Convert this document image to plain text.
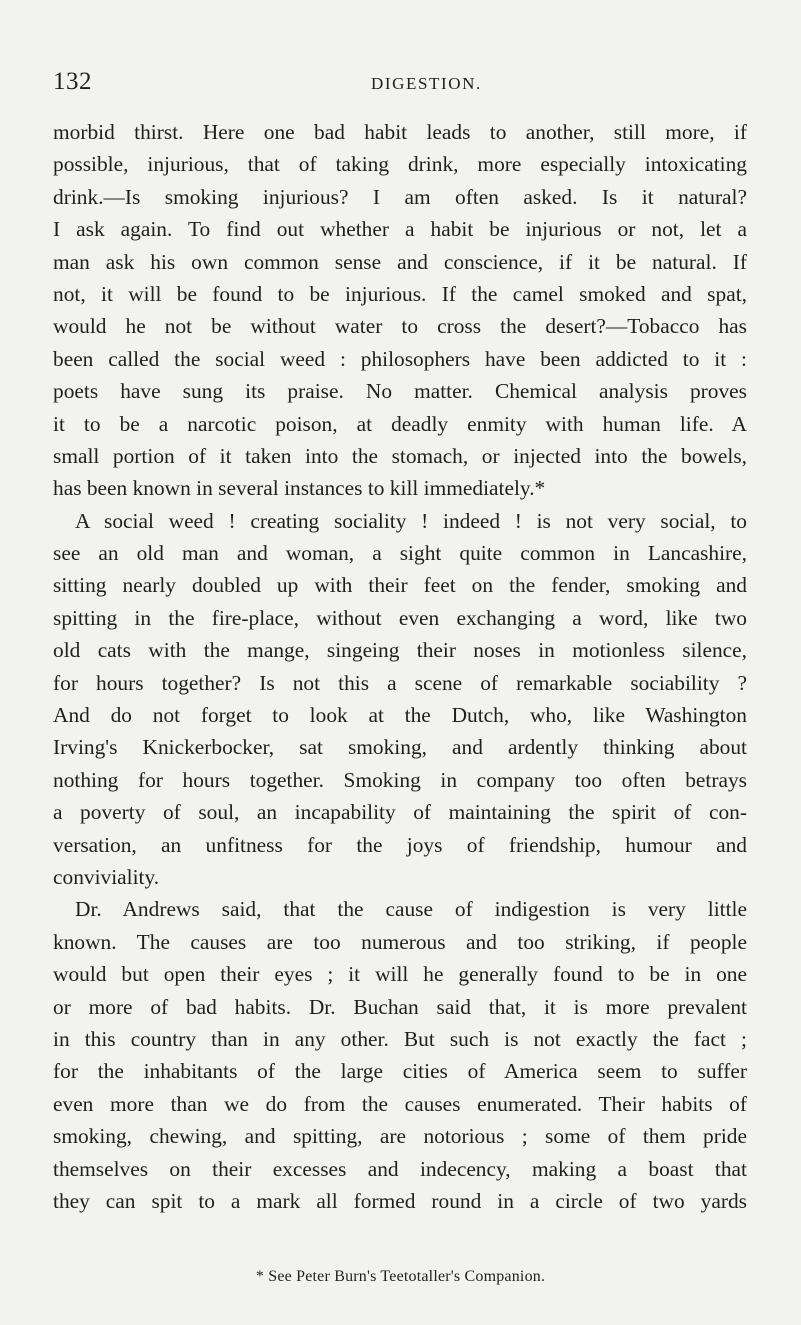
132	DIGESTION.
morbid thirst. Here one bad habit leads to another, still more, if
possible, injurious, that of taking drink, more especially intoxicating
drink.—Is smoking injurious? I am often asked. Is it natural?
I ask again. To find out whether a habit be injurious or not, let a
man ask his own common sense and conscience, if it be natural. If
not, it will be found to be injurious. If the camel smoked and spat,
would he not be without water to cross the desert?—Tobacco has
been called the social weed : philosophers have been addicted to it :
poets have sung its praise. No matter. Chemical analysis proves
it to be a narcotic poison, at deadly enmity with human life. A
small portion of it taken into the stomach, or injected into the bowels,
has been known in several instances to kill immediately.*
A social weed ! creating sociality ! indeed ! is not very social, to
see an old man and woman, a sight quite common in Lancashire,
sitting nearly doubled up with their feet on the fender, smoking and
spitting in the fire-place, without even exchanging a word, like two
old cats with the mange, singeing their noses in motionless silence,
for hours together? Is not this a scene of remarkable sociability ?
And do not forget to look at the Dutch, who, like Washington
Irving's Knickerbocker, sat smoking, and ardently thinking about
nothing for hours together. Smoking in company too often betrays
a poverty of soul, an incapability of maintaining the spirit of con-
versation, an unfitness for the joys of friendship, humour and
conviviality.
Dr. Andrews said, that the cause of indigestion is very little
known. The causes are too numerous and too striking, if people
would but open their eyes ; it will he generally found to be in one
or more of bad habits. Dr. Buchan said that, it is more prevalent
in this country than in any other. But such is not exactly the fact ;
for the inhabitants of the large cities of America seem to suffer
even more than we do from the causes enumerated. Their habits of
smoking, chewing, and spitting, are notorious ; some of them pride
themselves on their excesses and indecency, making a boast that
they can spit to a mark all formed round in a circle of two yards
* See Peter Burn's Teetotaller's Companion.
